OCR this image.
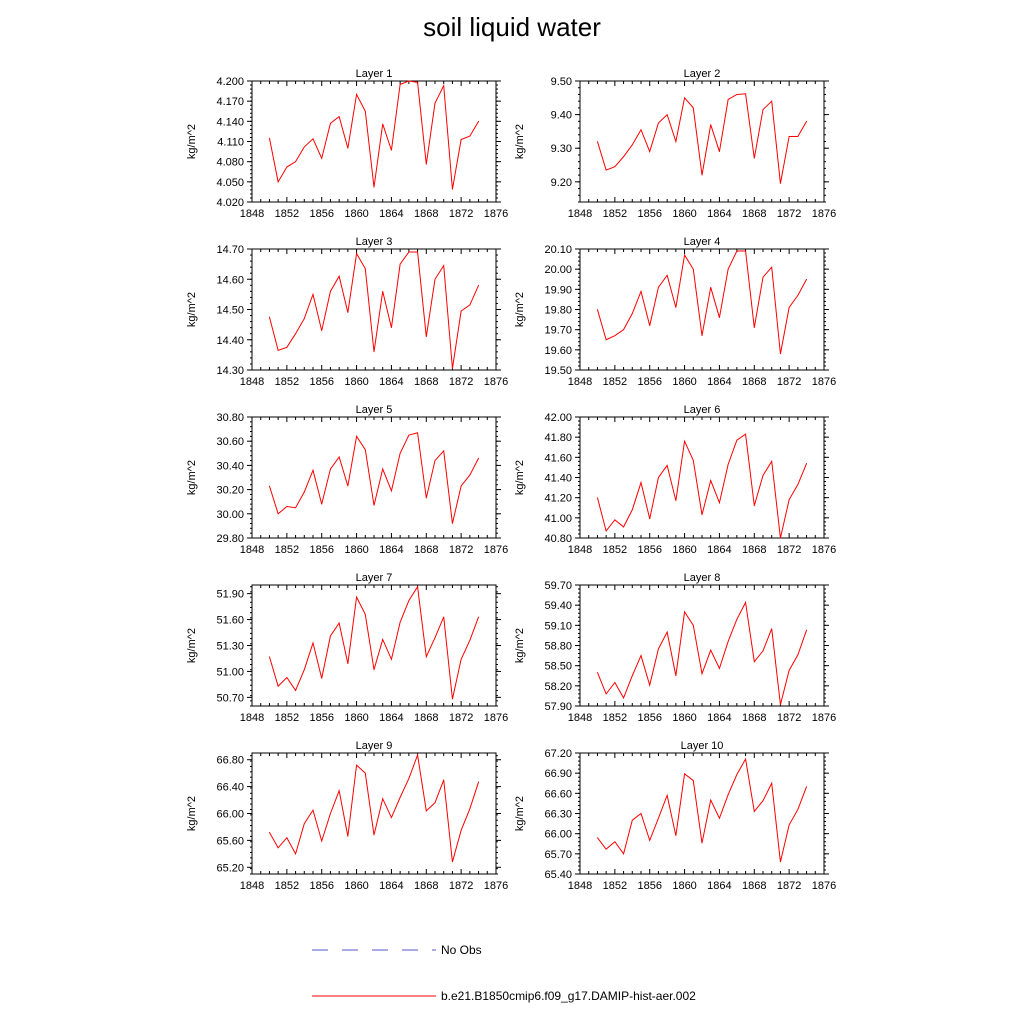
soil liquid water
Layer 1
kg/m^2
1848 1852 1856 1860 1864 1868 1872 1876
4.020
4.050
4.080
4.110
4.140
4.170
4.200
Layer 2
kg/m^2
1848 1852 1856 1860 1864 1868 1872 1876
9.20
9.30
9.40
9.50
Layer 3
kg/m^2
1848 1852 1856 1860 1864 1868 1872 1876
14.30
14.40
14.50
14.60
14.70
Layer 4
kg/m^2
1848 1852 1856 1860 1864 1868 1872 1876
19.50
19.60
19.70
19.80
19.90
20.00
20.10
Layer 5
kg/m^2
1848 1852 1856 1860 1864 1868 1872 1876
29.80
30.00
30.20
30.40
30.60
30.80
Layer 6
kg/m^2
1848 1852 1856 1860 1864 1868 1872 1876
40.80
41.00
41.20
41.40
41.60
41.80
42.00
Layer 7
kg/m^2
1848 1852 1856 1860 1864 1868 1872 1876
50.70
51.00
51.30
51.60
51.90
Layer 8
kg/m^2
1848 1852 1856 1860 1864 1868 1872 1876
57.90
58.20
58.50
58.80
59.10
59.40
59.70
Layer 9
kg/m^2
1848 1852 1856 1860 1864 1868 1872 1876
65.20
65.60
66.00
66.40
66.80
Layer 10
kg/m^2
1848 1852 1856 1860 1864 1868 1872 1876
65.40
65.70
66.00
66.30
66.60
66.90
67.20
No Obs
b.e21.B1850cmip6.f09_g17.DAMIP-hist-aer.002
